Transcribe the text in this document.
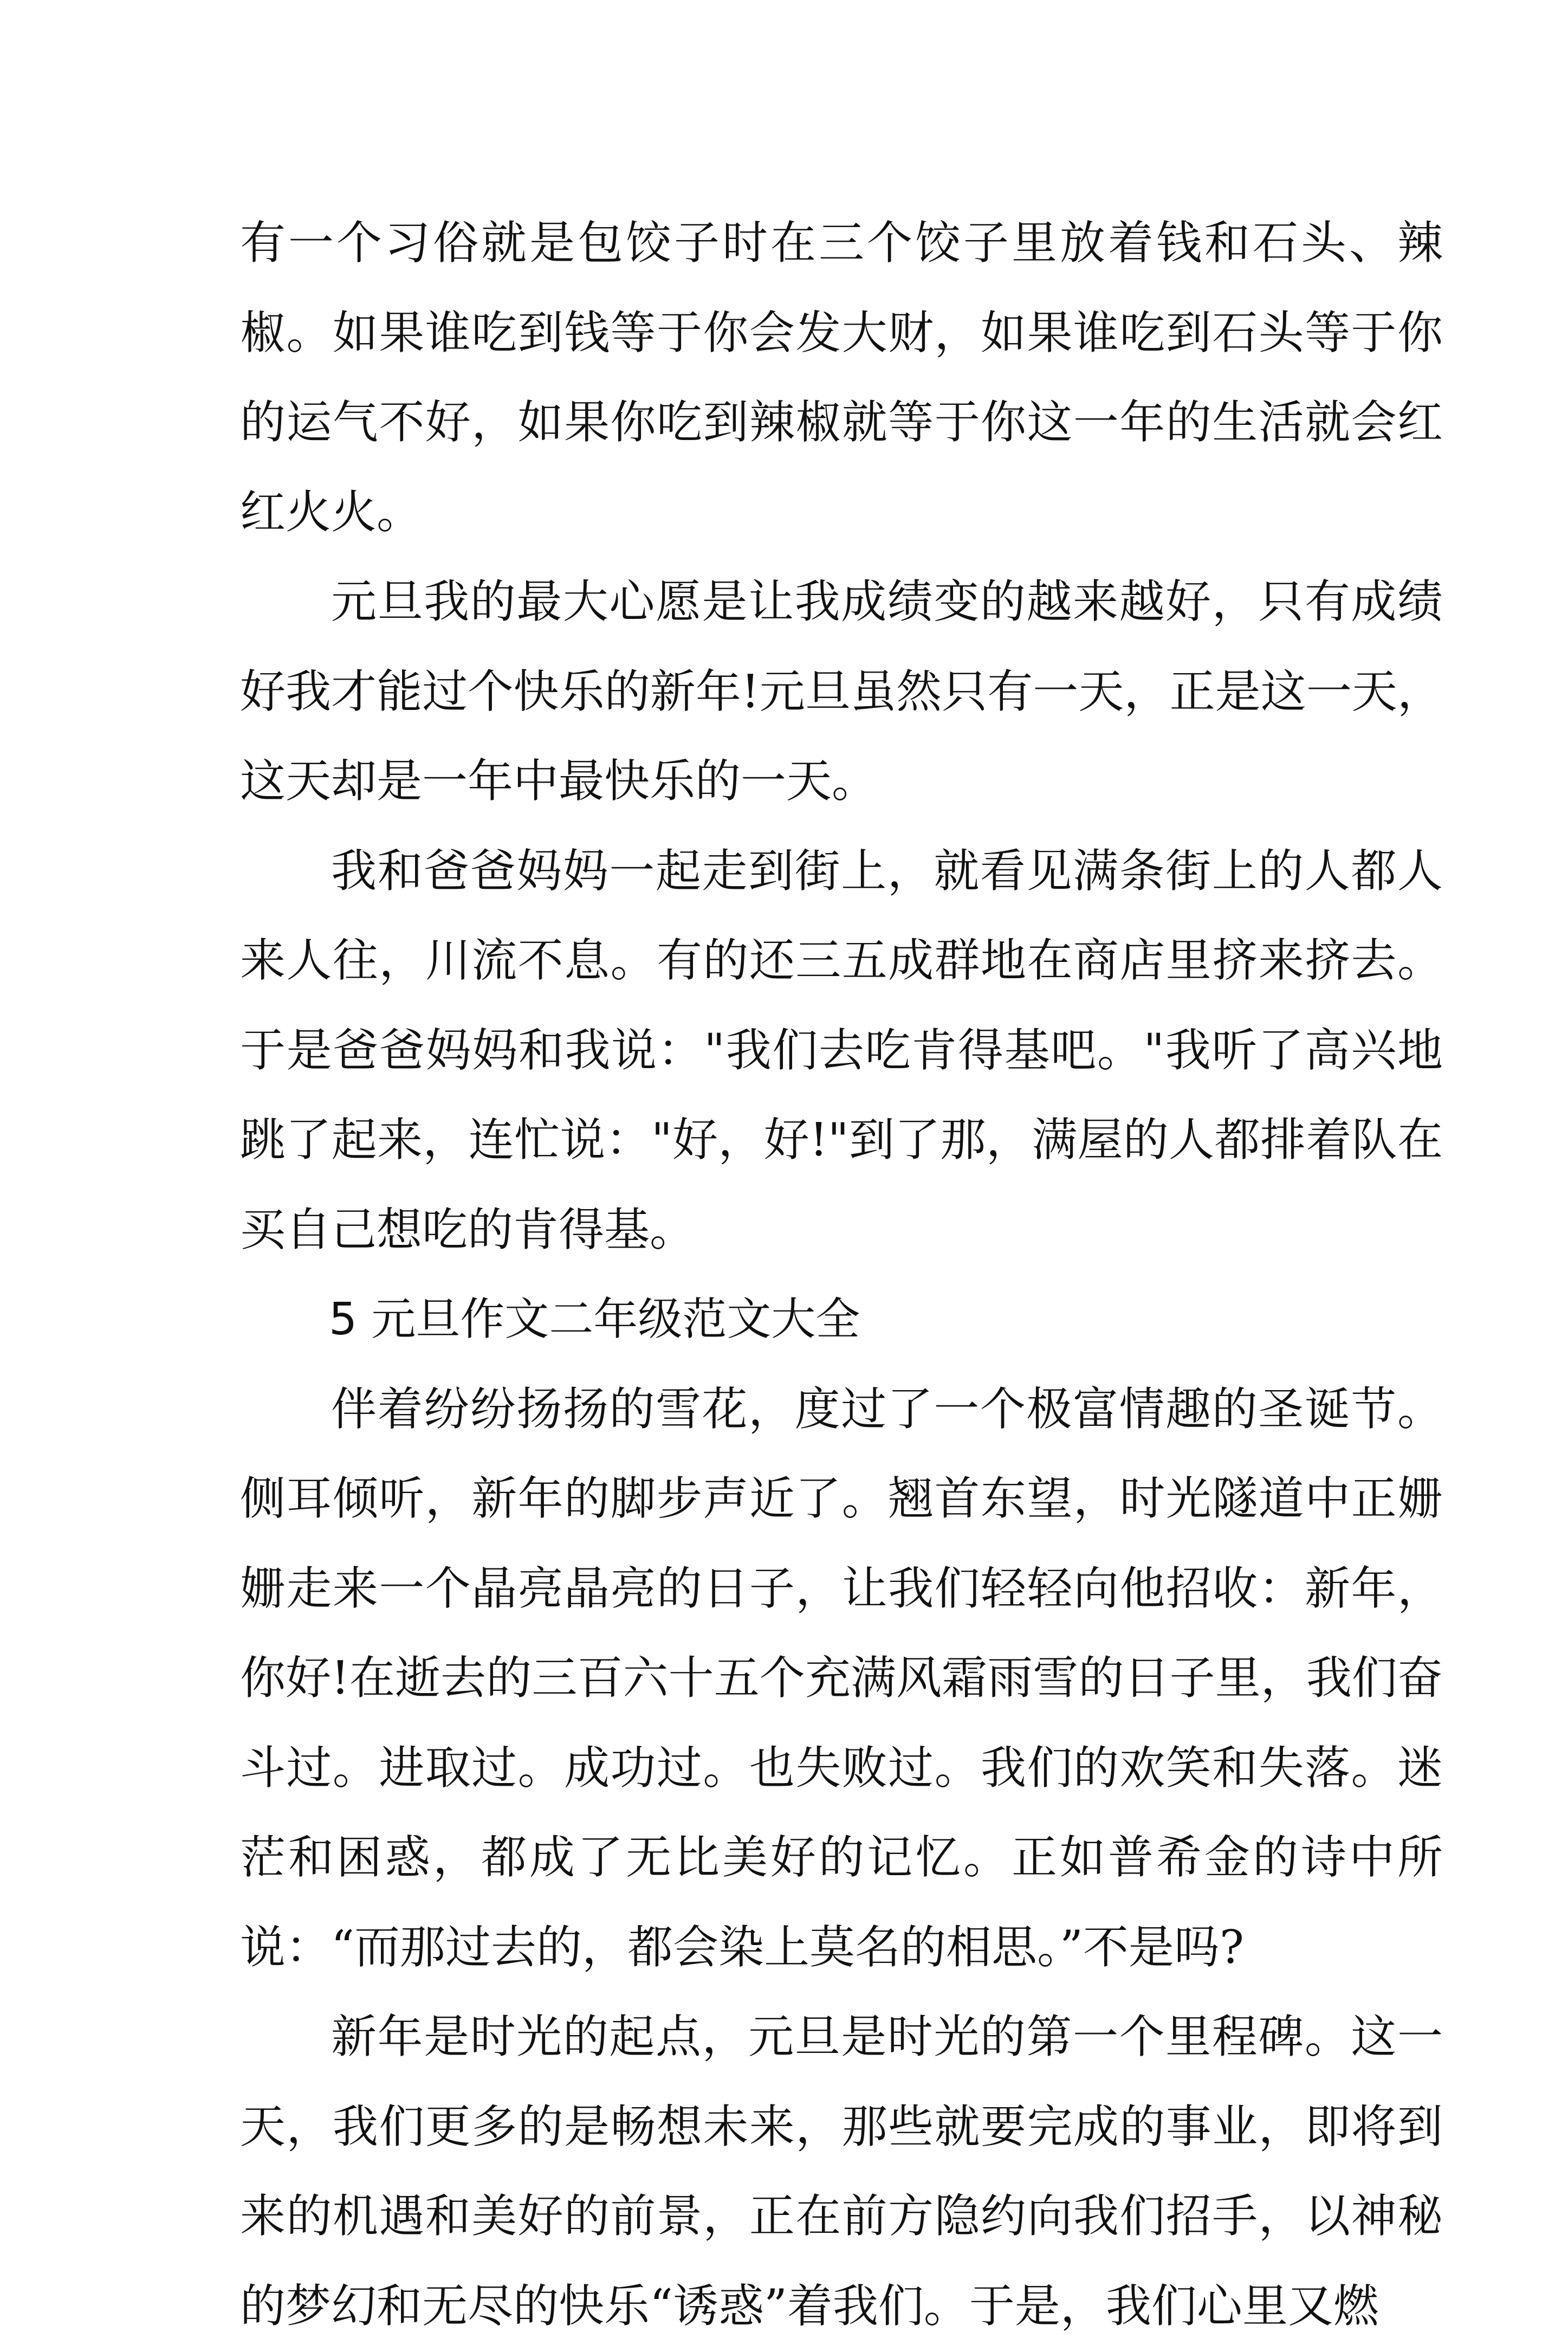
有一个习俗就是包饺子时在三个饺子里放着钱和石头、辣椒。如果谁吃到钱等于你会发大财，如果谁吃到石头等于你的运气不好，如果你吃到辣椒就等于你这一年的生活就会红红火火。

元旦我的最大心愿是让我成绩变的越来越好，只有成绩好我才能过个快乐的新年!元旦虽然只有一天，正是这一天，这天却是一年中最快乐的一天。

我和爸爸妈妈一起走到街上，就看见满条街上的人都人来人往，川流不息。有的还三五成群地在商店里挤来挤去。于是爸爸妈妈和我说："我们去吃肯得基吧。"我听了高兴地跳了起来，连忙说："好，好!"到了那，满屋的人都排着队在买自己想吃的肯得基。

5 元旦作文二年级范文大全

伴着纷纷扬扬的雪花，度过了一个极富情趣的圣诞节。侧耳倾听，新年的脚步声近了。翘首东望，时光隧道中正姗姗走来一个晶亮晶亮的日子，让我们轻轻向他招收：新年，你好!在逝去的三百六十五个充满风霜雨雪的日子里，我们奋斗过。进取过。成功过。也失败过。我们的欢笑和失落。迷茫和困惑，都成了无比美好的记忆。正如普希金的诗中所说：“而那过去的，都会染上莫名的相思。”不是吗?

新年是时光的起点，元旦是时光的第一个里程碑。这一天，我们更多的是畅想未来，那些就要完成的事业，即将到来的机遇和美好的前景，正在前方隐约向我们招手，以神秘的梦幻和无尽的快乐“诱惑”着我们。于是，我们心里又燃
